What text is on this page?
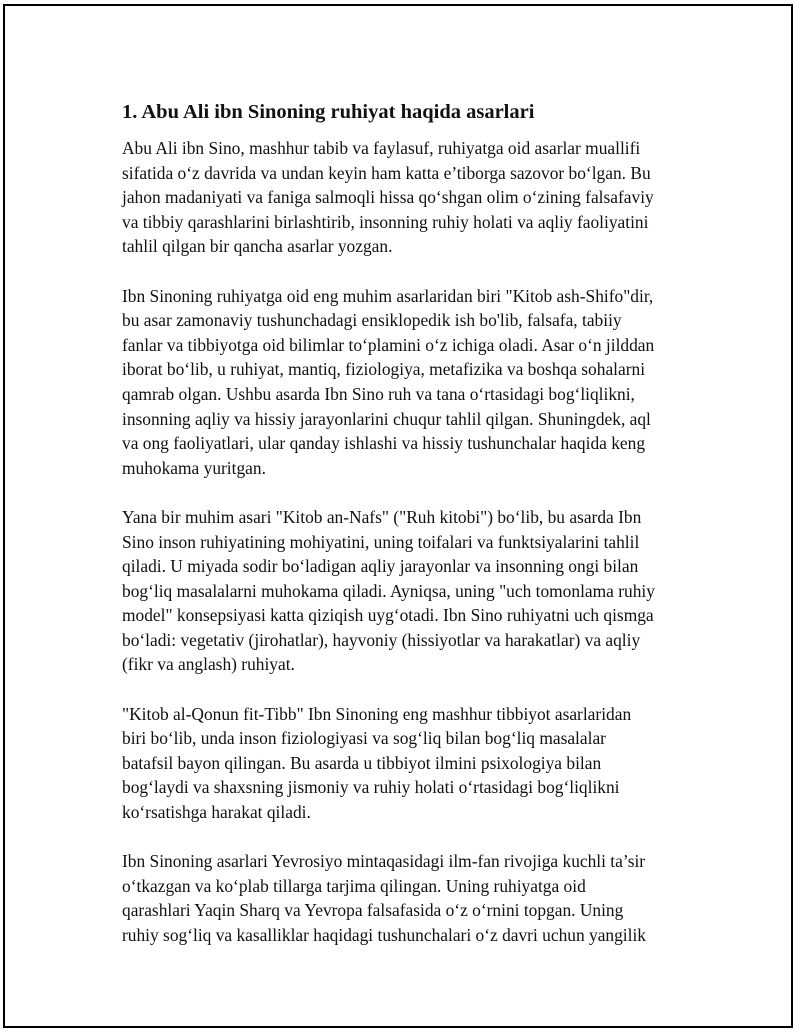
1. Abu Ali ibn Sinoning ruhiyat haqida asarlari
Abu Ali ibn Sino, mashhur tabib va faylasuf, ruhiyatga oid asarlar muallifi
sifatida o‘z davrida va undan keyin ham katta e’tiborga sazovor bo‘lgan. Bu
jahon madaniyati va faniga salmoqli hissa qo‘shgan olim o‘zining falsafaviy
va tibbiy qarashlarini birlashtirib, insonning ruhiy holati va aqliy faoliyatini
tahlil qilgan bir qancha asarlar yozgan.
Ibn Sinoning ruhiyatga oid eng muhim asarlaridan biri "Kitob ash-Shifo"dir,
bu asar zamonaviy tushunchadagi ensiklopedik ish bo'lib, falsafa, tabiiy
fanlar va tibbiyotga oid bilimlar to‘plamini o‘z ichiga oladi. Asar o‘n jilddan
iborat bo‘lib, u ruhiyat, mantiq, fiziologiya, metafizika va boshqa sohalarni
qamrab olgan. Ushbu asarda Ibn Sino ruh va tana o‘rtasidagi bog‘liqlikni,
insonning aqliy va hissiy jarayonlarini chuqur tahlil qilgan. Shuningdek, aql
va ong faoliyatlari, ular qanday ishlashi va hissiy tushunchalar haqida keng
muhokama yuritgan.
Yana bir muhim asari "Kitob an-Nafs" ("Ruh kitobi") bo‘lib, bu asarda Ibn
Sino inson ruhiyatining mohiyatini, uning toifalari va funktsiyalarini tahlil
qiladi. U miyada sodir bo‘ladigan aqliy jarayonlar va insonning ongi bilan
bog‘liq masalalarni muhokama qiladi. Ayniqsa, uning "uch tomonlama ruhiy
model" konsepsiyasi katta qiziqish uyg‘otadi. Ibn Sino ruhiyatni uch qismga
bo‘ladi: vegetativ (jirohatlar), hayvoniy (hissiyotlar va harakatlar) va aqliy
(fikr va anglash) ruhiyat.
"Kitob al-Qonun fit-Tibb" Ibn Sinoning eng mashhur tibbiyot asarlaridan
biri bo‘lib, unda inson fiziologiyasi va sog‘liq bilan bog‘liq masalalar
batafsil bayon qilingan. Bu asarda u tibbiyot ilmini psixologiya bilan
bog‘laydi va shaxsning jismoniy va ruhiy holati o‘rtasidagi bog‘liqlikni
ko‘rsatishga harakat qiladi.
Ibn Sinoning asarlari Yevrosiyo mintaqasidagi ilm-fan rivojiga kuchli ta’sir
o‘tkazgan va ko‘plab tillarga tarjima qilingan. Uning ruhiyatga oid
qarashlari Yaqin Sharq va Yevropa falsafasida o‘z o‘rnini topgan. Uning
ruhiy sog‘liq va kasalliklar haqidagi tushunchalari o‘z davri uchun yangilik
